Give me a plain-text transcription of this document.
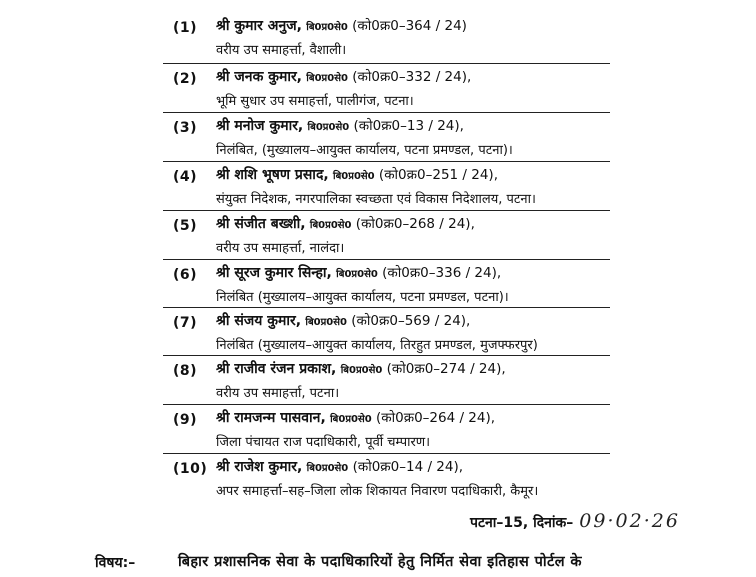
(1) श्री कुमार अनुज, बि0प्र0से0 (को0क्र0–364 / 24)
वरीय उप समाहर्त्ता, वैशाली।
(2) श्री जनक कुमार, बि0प्र0से0 (को0क्र0–332 / 24),
भूमि सुधार उप समाहर्त्ता, पालीगंज, पटना।
(3) श्री मनोज कुमार, बि0प्र0से0 (को0क्र0–13 / 24),
निलंबित, (मुख्यालय–आयुक्त कार्यालय, पटना प्रमण्डल, पटना)।
(4) श्री शशि भूषण प्रसाद, बि0प्र0से0 (को0क्र0–251 / 24),
संयुक्त निदेशक, नगरपालिका स्वच्छता एवं विकास निदेशालय, पटना।
(5) श्री संजीत बख्शी, बि0प्र0से0 (को0क्र0–268 / 24),
वरीय उप समाहर्त्ता, नालंदा।
(6) श्री सूरज कुमार सिन्हा, बि0प्र0से0 (को0क्र0–336 / 24),
निलंबित (मुख्यालय–आयुक्त कार्यालय, पटना प्रमण्डल, पटना)।
(7) श्री संजय कुमार, बि0प्र0से0 (को0क्र0–569 / 24),
निलंबित (मुख्यालय–आयुक्त कार्यालय, तिरहुत प्रमण्डल, मुजफ्फरपुर)
(8) श्री राजीव रंजन प्रकाश, बि0प्र0से0 (को0क्र0–274 / 24),
वरीय उप समाहर्त्ता, पटना।
(9) श्री रामजन्म पासवान, बि0प्र0से0 (को0क्र0–264 / 24),
जिला पंचायत राज पदाधिकारी, पूर्वी चम्पारण।
(10) श्री राजेश कुमार, बि0प्र0से0 (को0क्र0–14 / 24),
अपर समाहर्त्ता–सह–जिला लोक शिकायत निवारण पदाधिकारी, कैमूर।
पटना–15, दिनांक– 09·02·26
विषय:–	बिहार प्रशासनिक सेवा के पदाधिकारियों हेतु निर्मित सेवा इतिहास पोर्टल के
